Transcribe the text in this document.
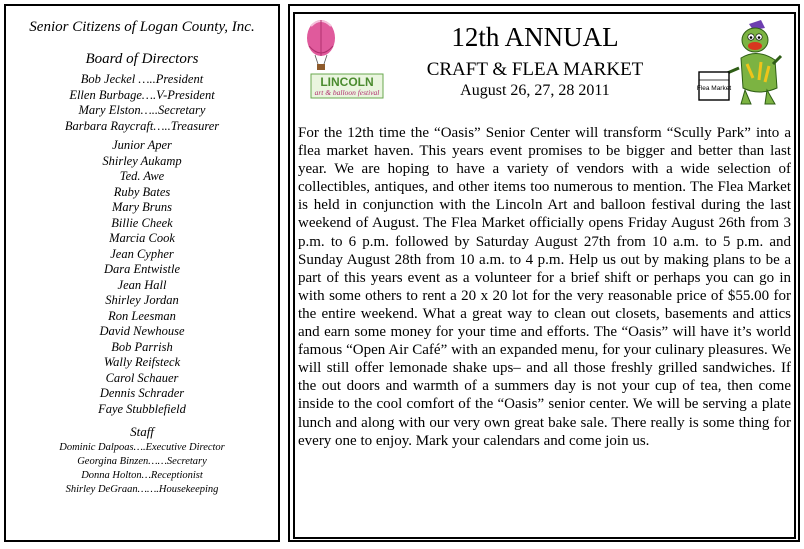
Senior Citizens of Logan County, Inc.

Board of Directors

Bob Jeckel …..President
Ellen Burbage….V-President
Mary Elston…..Secretary
Barbara Raycraft…..Treasurer
Junior Aper
Shirley Aukamp
Ted. Awe
Ruby Bates
Mary Bruns
Billie Cheek
Marcia Cook
Jean Cypher
Dara Entwistle
Jean Hall
Shirley Jordan
Ron Leesman
David Newhouse
Bob Parrish
Wally Reifsteck
Carol Schauer
Dennis Schrader
Faye Stubblefield

Staff

Dominic Dalpoas….Executive Director
Georgina Binzen……Secretary
Donna Holton…Receptionist
Shirley DeGraan…….Housekeeping
LINCOLN
art & balloon festival
12th ANNUAL
CRAFT & FLEA MARKET
August 26, 27, 28 2011	Flea Market

For the 12th time the “Oasis” Senior Center will transform “Scully Park” into a flea market haven. This years event promises to be bigger and better than last year. We are hoping to have a variety of vendors with a wide selection of collectibles, antiques, and other items too numerous to mention. The Flea Market is held in conjunction with the Lincoln Art and balloon festival during the last weekend of August. The Flea Market officially opens Friday August 26th from 3 p.m. to 6 p.m. followed by Saturday August 27th from 10 a.m. to 5 p.m. and Sunday August 28th from 10 a.m. to 4 p.m. Help us out by making plans to be a part of this years event as a volunteer for a brief shift or perhaps you can go in with some others to rent a 20 x 20 lot for the very reasonable price of $55.00 for the entire weekend. What a great way to clean out closets, basements and attics and earn some money for your time and efforts. The “Oasis” will have it’s world famous “Open Air Café” with an expanded menu, for your culinary pleasures. We will still offer lemonade shake ups– and all those freshly grilled sandwiches. If the out doors and warmth of a summers day is not your cup of tea, then come inside to the cool comfort of the “Oasis” senior center. We will be serving a plate lunch and along with our very own great bake sale. There really is some thing for every one to enjoy. Mark your calendars and come join us.
